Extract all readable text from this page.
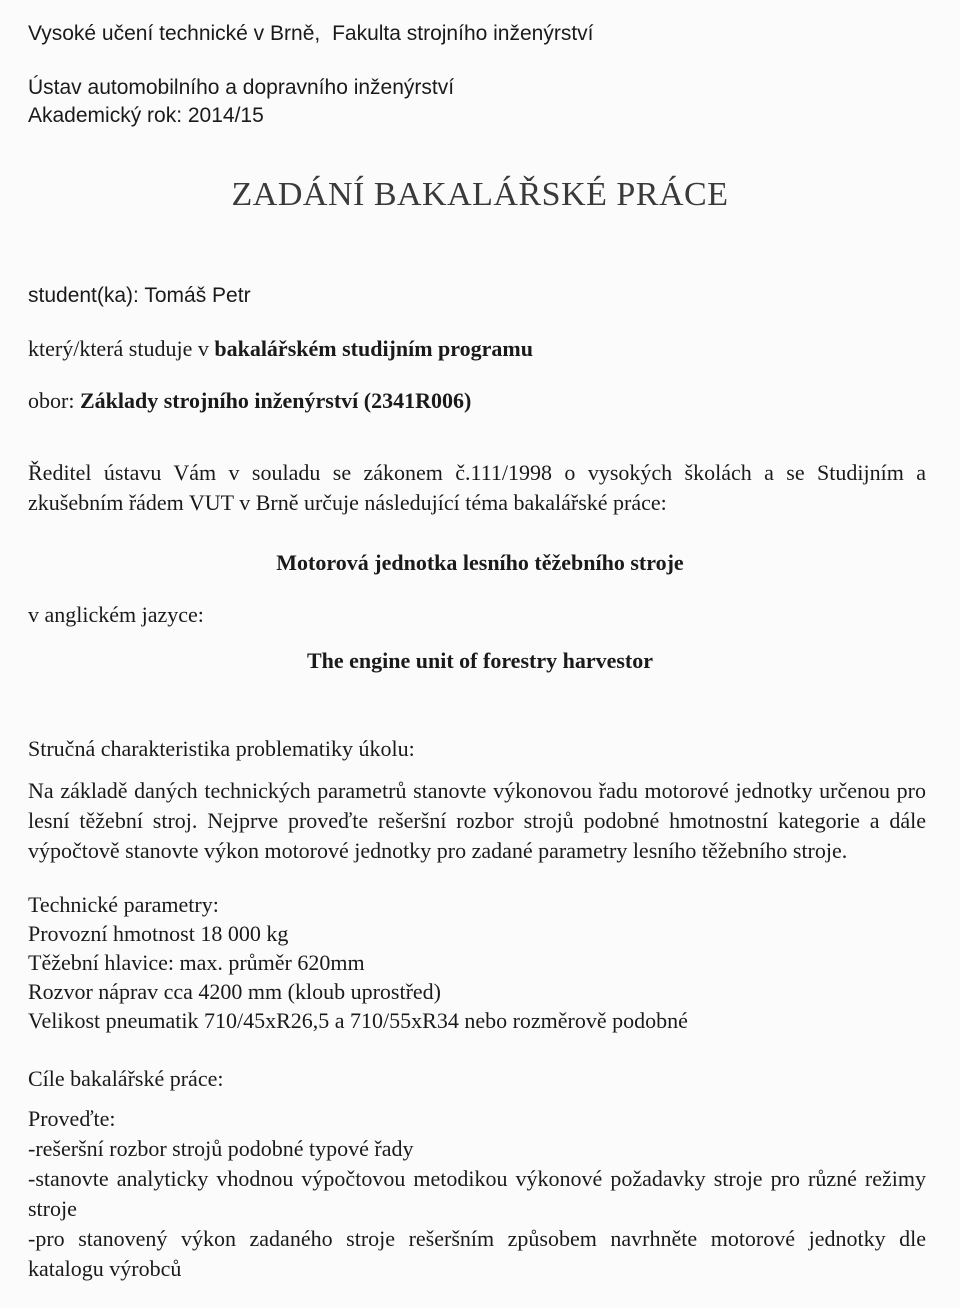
Vysoké učení technické v Brně, Fakulta strojního inženýrství
Ústav automobilního a dopravního inženýrství
Akademický rok: 2014/15
ZADÁNÍ BAKALÁŘSKÉ PRÁCE
student(ka): Tomáš Petr
který/která studuje v bakalářském studijním programu
obor: Základy strojního inženýrství (2341R006)
Ředitel ústavu Vám v souladu se zákonem č.111/1998 o vysokých školách a se Studijním a zkušebním řádem VUT v Brně určuje následující téma bakalářské práce:
Motorová jednotka lesního těžebního stroje
v anglickém jazyce:
The engine unit of forestry harvestor
Stručná charakteristika problematiky úkolu:
Na základě daných technických parametrů stanovte výkonovou řadu motorové jednotky určenou pro lesní těžební stroj. Nejprve proveďte rešeršní rozbor strojů podobné hmotnostní kategorie a dále výpočtově stanovte výkon motorové jednotky pro zadané parametry lesního těžebního stroje.
Technické parametry:
Provozní hmotnost 18 000 kg
Těžební hlavice: max. průměr 620mm
Rozvor náprav cca 4200 mm (kloub uprostřed)
Velikost pneumatik 710/45xR26,5 a 710/55xR34 nebo rozměrově podobné
Cíle bakalářské práce:
Proveďte:
-rešeršní rozbor strojů podobné typové řady
-stanovte analyticky vhodnou výpočtovou metodikou výkonové požadavky stroje pro různé režimy stroje
-pro stanovený výkon zadaného stroje rešeršním způsobem navrhněte motorové jednotky dle katalogu výrobců
